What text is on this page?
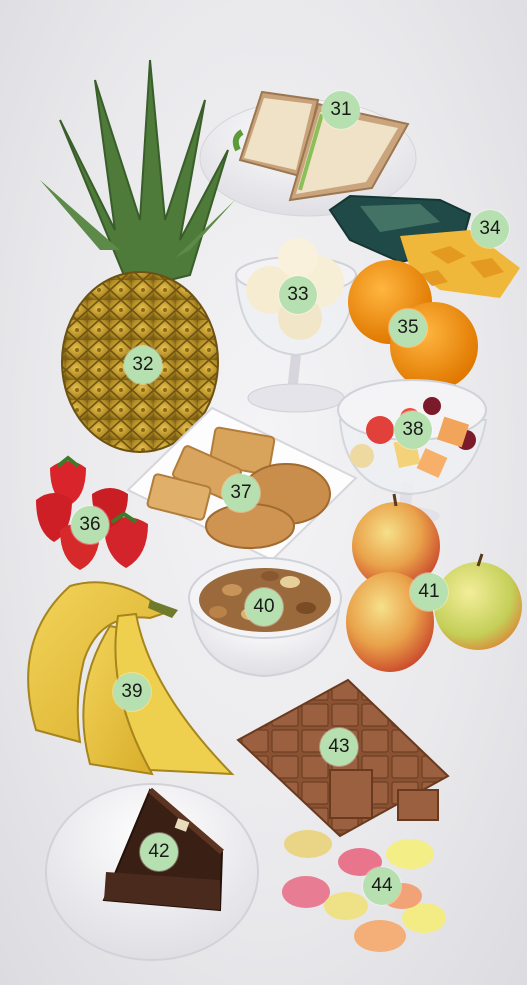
31
32
33
34
35
36
37
38
39
40
41
42
43
44
